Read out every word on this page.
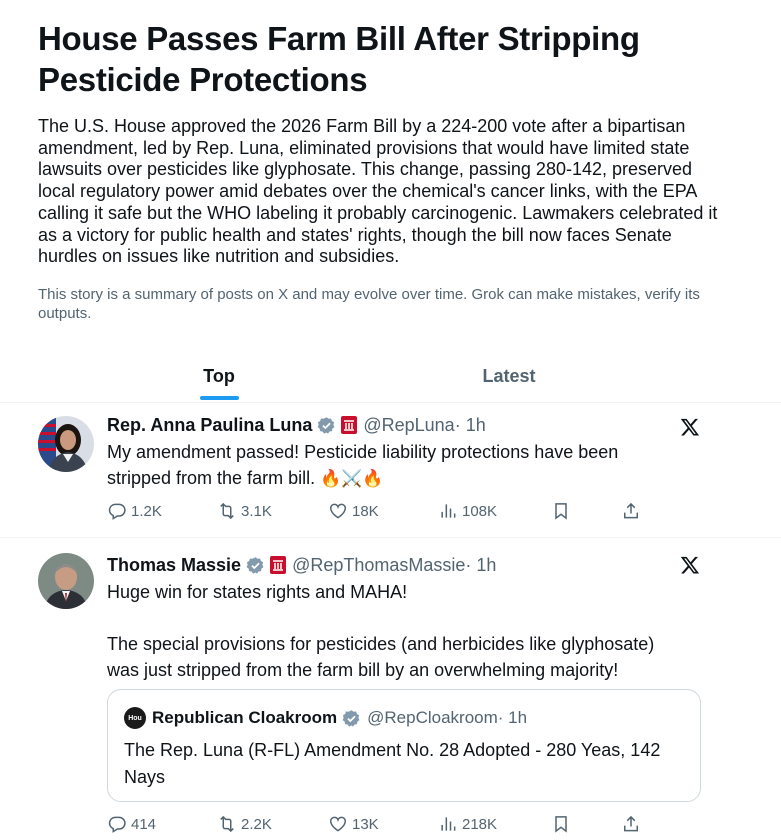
House Passes Farm Bill After Stripping Pesticide Protections

The U.S. House approved the 2026 Farm Bill by a 224-200 vote after a bipartisan amendment, led by Rep. Luna, eliminated provisions that would have limited state lawsuits over pesticides like glyphosate. This change, passing 280-142, preserved local regulatory power amid debates over the chemical's cancer links, with the EPA calling it safe but the WHO labeling it probably carcinogenic. Lawmakers celebrated it as a victory for public health and states' rights, though the bill now faces Senate hurdles on issues like nutrition and subsidies.

This story is a summary of posts on X and may evolve over time. Grok can make mistakes, verify its outputs.

Top	Latest
Rep. Anna Paulina Luna	@RepLuna · 1h

My amendment passed! Pesticide liability protections have been

stripped from the farm bill. 🔥⚔️🔥

1.2K	3.1K	18K	108K
Thomas Massie	@RepThomasMassie · 1h

Huge win for states rights and MAHA!

The special provisions for pesticides (and herbicides like glyphosate)

was just stripped from the farm bill by an overwhelming majority!

Hou Republican Cloakroom @RepCloakroom · 1h
The Rep. Luna (R-FL) Amendment No. 28 Adopted - 280 Yeas, 142 Nays
414	2.2K	13K	218K
